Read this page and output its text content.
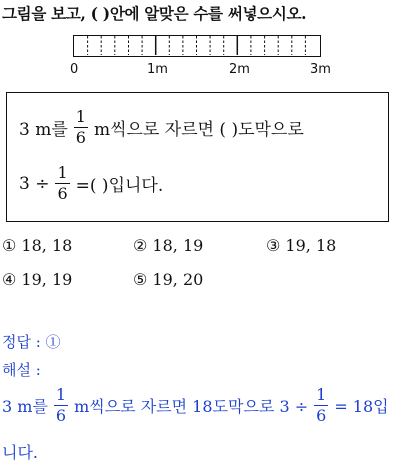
그림을 보고, ( )안에 알맞은 수를 써넣으시오.
0	1m	2m	3m
3 m를 $\frac{1}{6}$ m씩으로 자르면 ( )도막으로
$3 \div \frac{1}{6}$ =( )입니다.
① 18, 18	② 18, 19	③ 19, 18
④ 19, 19	⑤ 19, 20
정답 : ①
해설 :
3 m를 $\frac{1}{6}$ m씩으로 자르면 18도막으로 $3 \div \frac{1}{6} = 18$입
니다.
